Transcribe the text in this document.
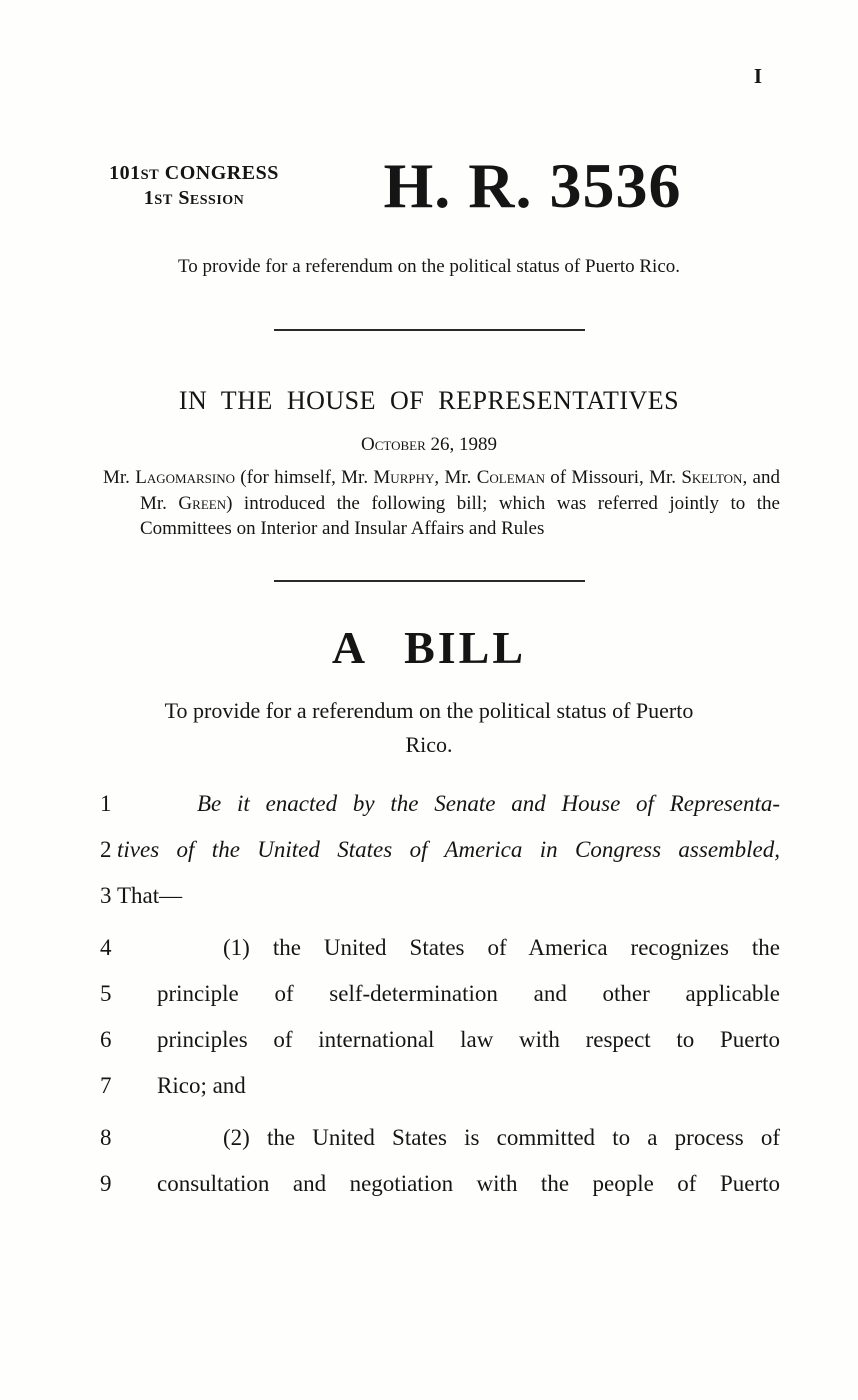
I
101ST CONGRESS
1ST Session	H. R. 3536
To provide for a referendum on the political status of Puerto Rico.
IN THE HOUSE OF REPRESENTATIVES
October 26, 1989

Mr. Lagomarsino (for himself, Mr. Murphy, Mr. Coleman of Missouri, Mr. Skelton, and Mr. Green) introduced the following bill; which was referred jointly to the Committees on Interior and Insular Affairs and Rules

A BILL
To provide for a referendum on the political status of Puerto
Rico.
1	Be it enacted by the Senate and House of Representa-
2 tives of the United States of America in Congress assembled,
3 That—
4	(1) the United States of America recognizes the
5	principle of self-determination and other applicable
6	principles of international law with respect to Puerto
7	Rico; and
8	(2) the United States is committed to a process of
9	consultation and negotiation with the people of Puerto
